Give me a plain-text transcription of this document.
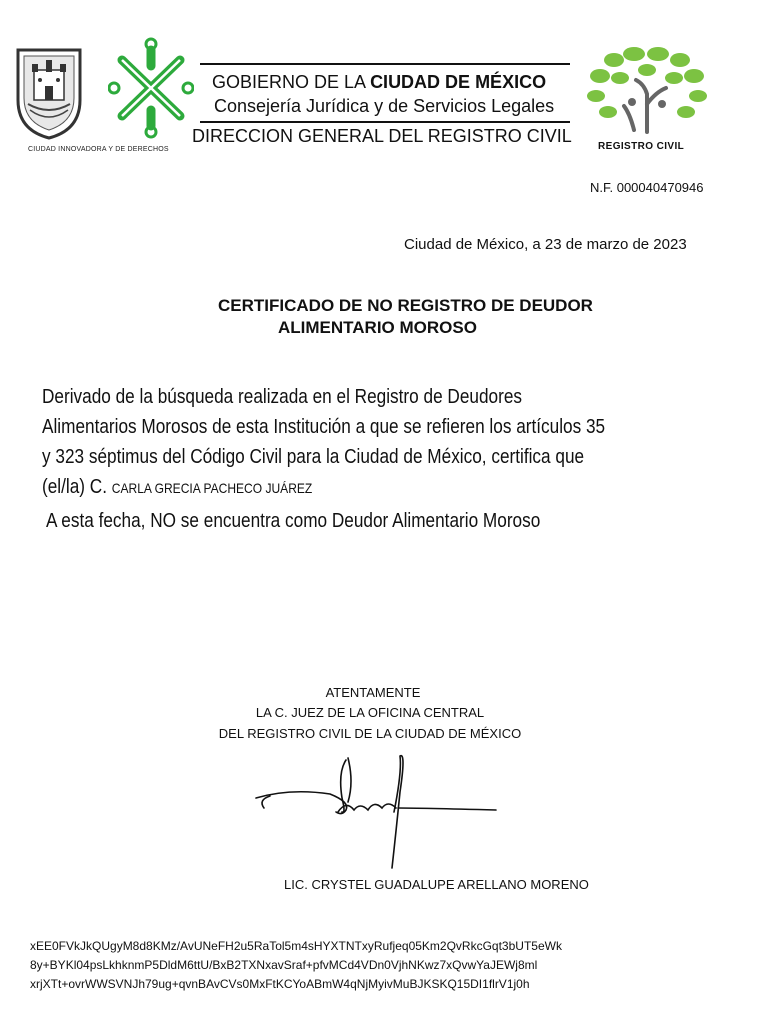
CIUDAD INNOVADORA Y DE DERECHOS
GOBIERNO DE LA CIUDAD DE MÉXICO
Consejería Jurídica y de Servicios Legales
DIRECCION GENERAL DEL REGISTRO CIVIL
REGISTRO CIVIL
N.F. 000040470946
Ciudad de México, a 23 de marzo de 2023
CERTIFICADO DE NO REGISTRO DE DEUDOR
ALIMENTARIO MOROSO
Derivado de la búsqueda realizada en el Registro de Deudores Alimentarios Morosos de esta Institución a que se refieren los artículos 35 y 323 séptimus del Código Civil para la Ciudad de México, certifica que (el/la) C. CARLA GRECIA PACHECO JUÁREZ
A esta fecha, NO se encuentra como Deudor Alimentario Moroso
ATENTAMENTE
LA C. JUEZ DE LA OFICINA CENTRAL
DEL REGISTRO CIVIL DE LA CIUDAD DE MÉXICO
LIC. CRYSTEL GUADALUPE ARELLANO MORENO
xEE0FVkJkQUgyM8d8KMz/AvUNeFH2u5RaTol5m4sHYXTNTxyRufjeq05Km2QvRkcGqt3bUT5eWk
8y+BYKl04psLkhknmP5DldM6ttU/BxB2TXNxavSraf+pfvMCd4VDn0VjhNKwz7xQvwYaJEWj8ml
xrjXTt+ovrWWSVNJh79ug+qvnBAvCVs0MxFtKCYoABmW4qNjMyivMuBJKSKQ15DI1flrV1j0h
